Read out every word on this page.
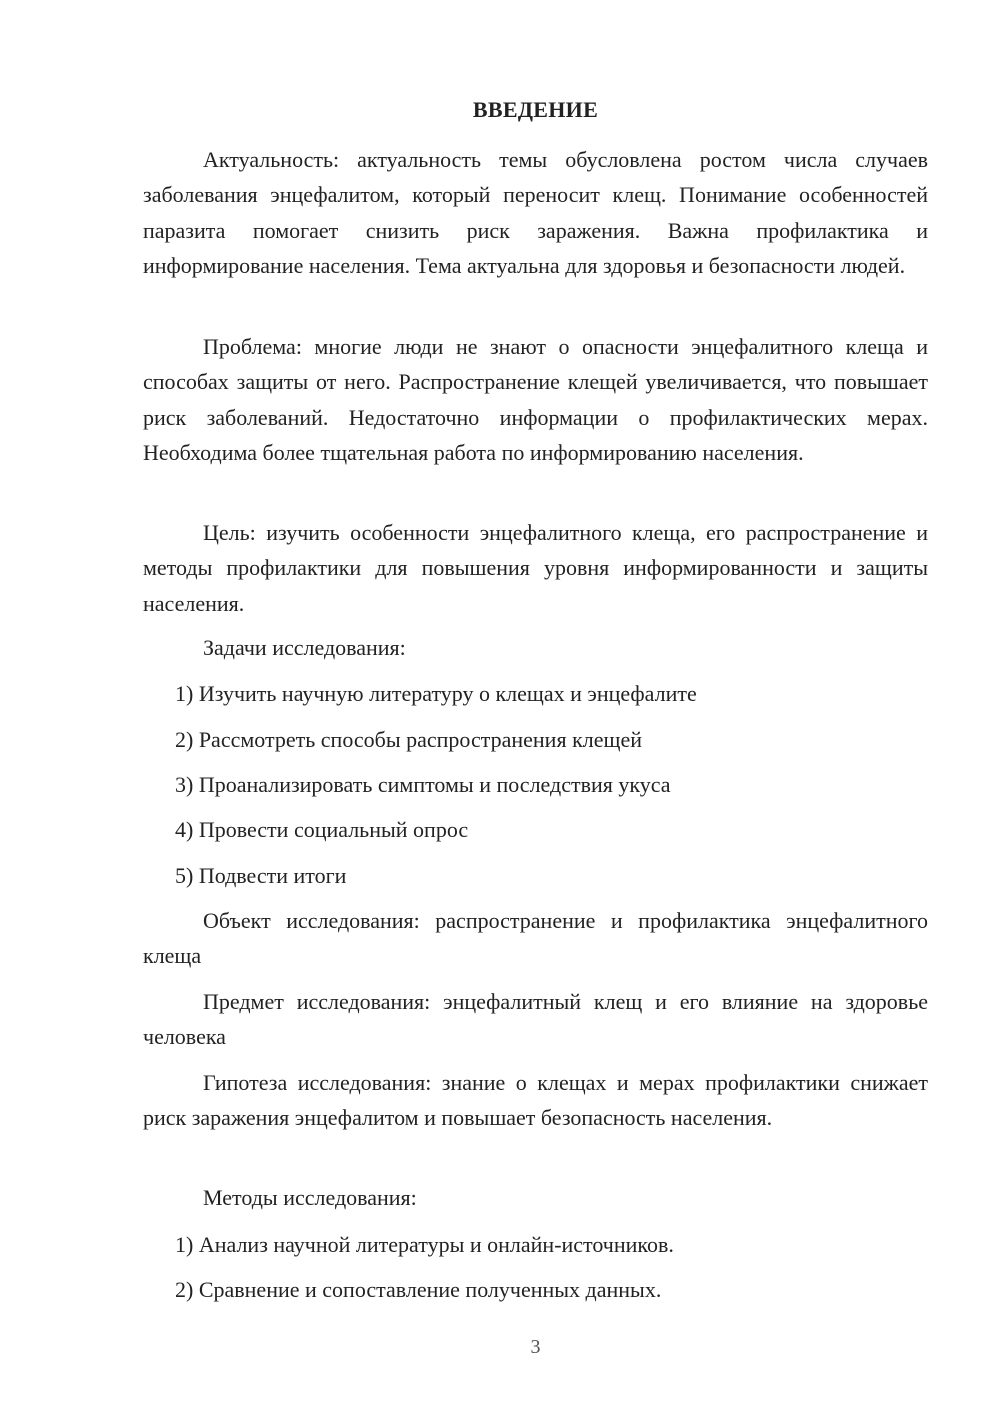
ВВЕДЕНИЕ

Актуальность: актуальность темы обусловлена ростом числа случаев заболевания энцефалитом, который переносит клещ. Понимание особенностей паразита помогает снизить риск заражения. Важна профилактика и информирование населения. Тема актуальна для здоровья и безопасности людей.

Проблема: многие люди не знают о опасности энцефалитного клеща и способах защиты от него. Распространение клещей увеличивается, что повышает риск заболеваний. Недостаточно информации о профилактических мерах. Необходима более тщательная работа по информированию населения.

Цель: изучить особенности энцефалитного клеща, его распространение и методы профилактики для повышения уровня информированности и защиты населения.

Задачи исследования:

1) Изучить научную литературу о клещах и энцефалите

2) Рассмотреть способы распространения клещей

3) Проанализировать симптомы и последствия укуса

4) Провести социальный опрос

5) Подвести итоги

Объект исследования: распространение и профилактика энцефалитного клеща

Предмет исследования: энцефалитный клещ и его влияние на здоровье человека

Гипотеза исследования: знание о клещах и мерах профилактики снижает риск заражения энцефалитом и повышает безопасность населения.

Методы исследования:

1) Анализ научной литературы и онлайн-источников.

2) Сравнение и сопоставление полученных данных.

3
